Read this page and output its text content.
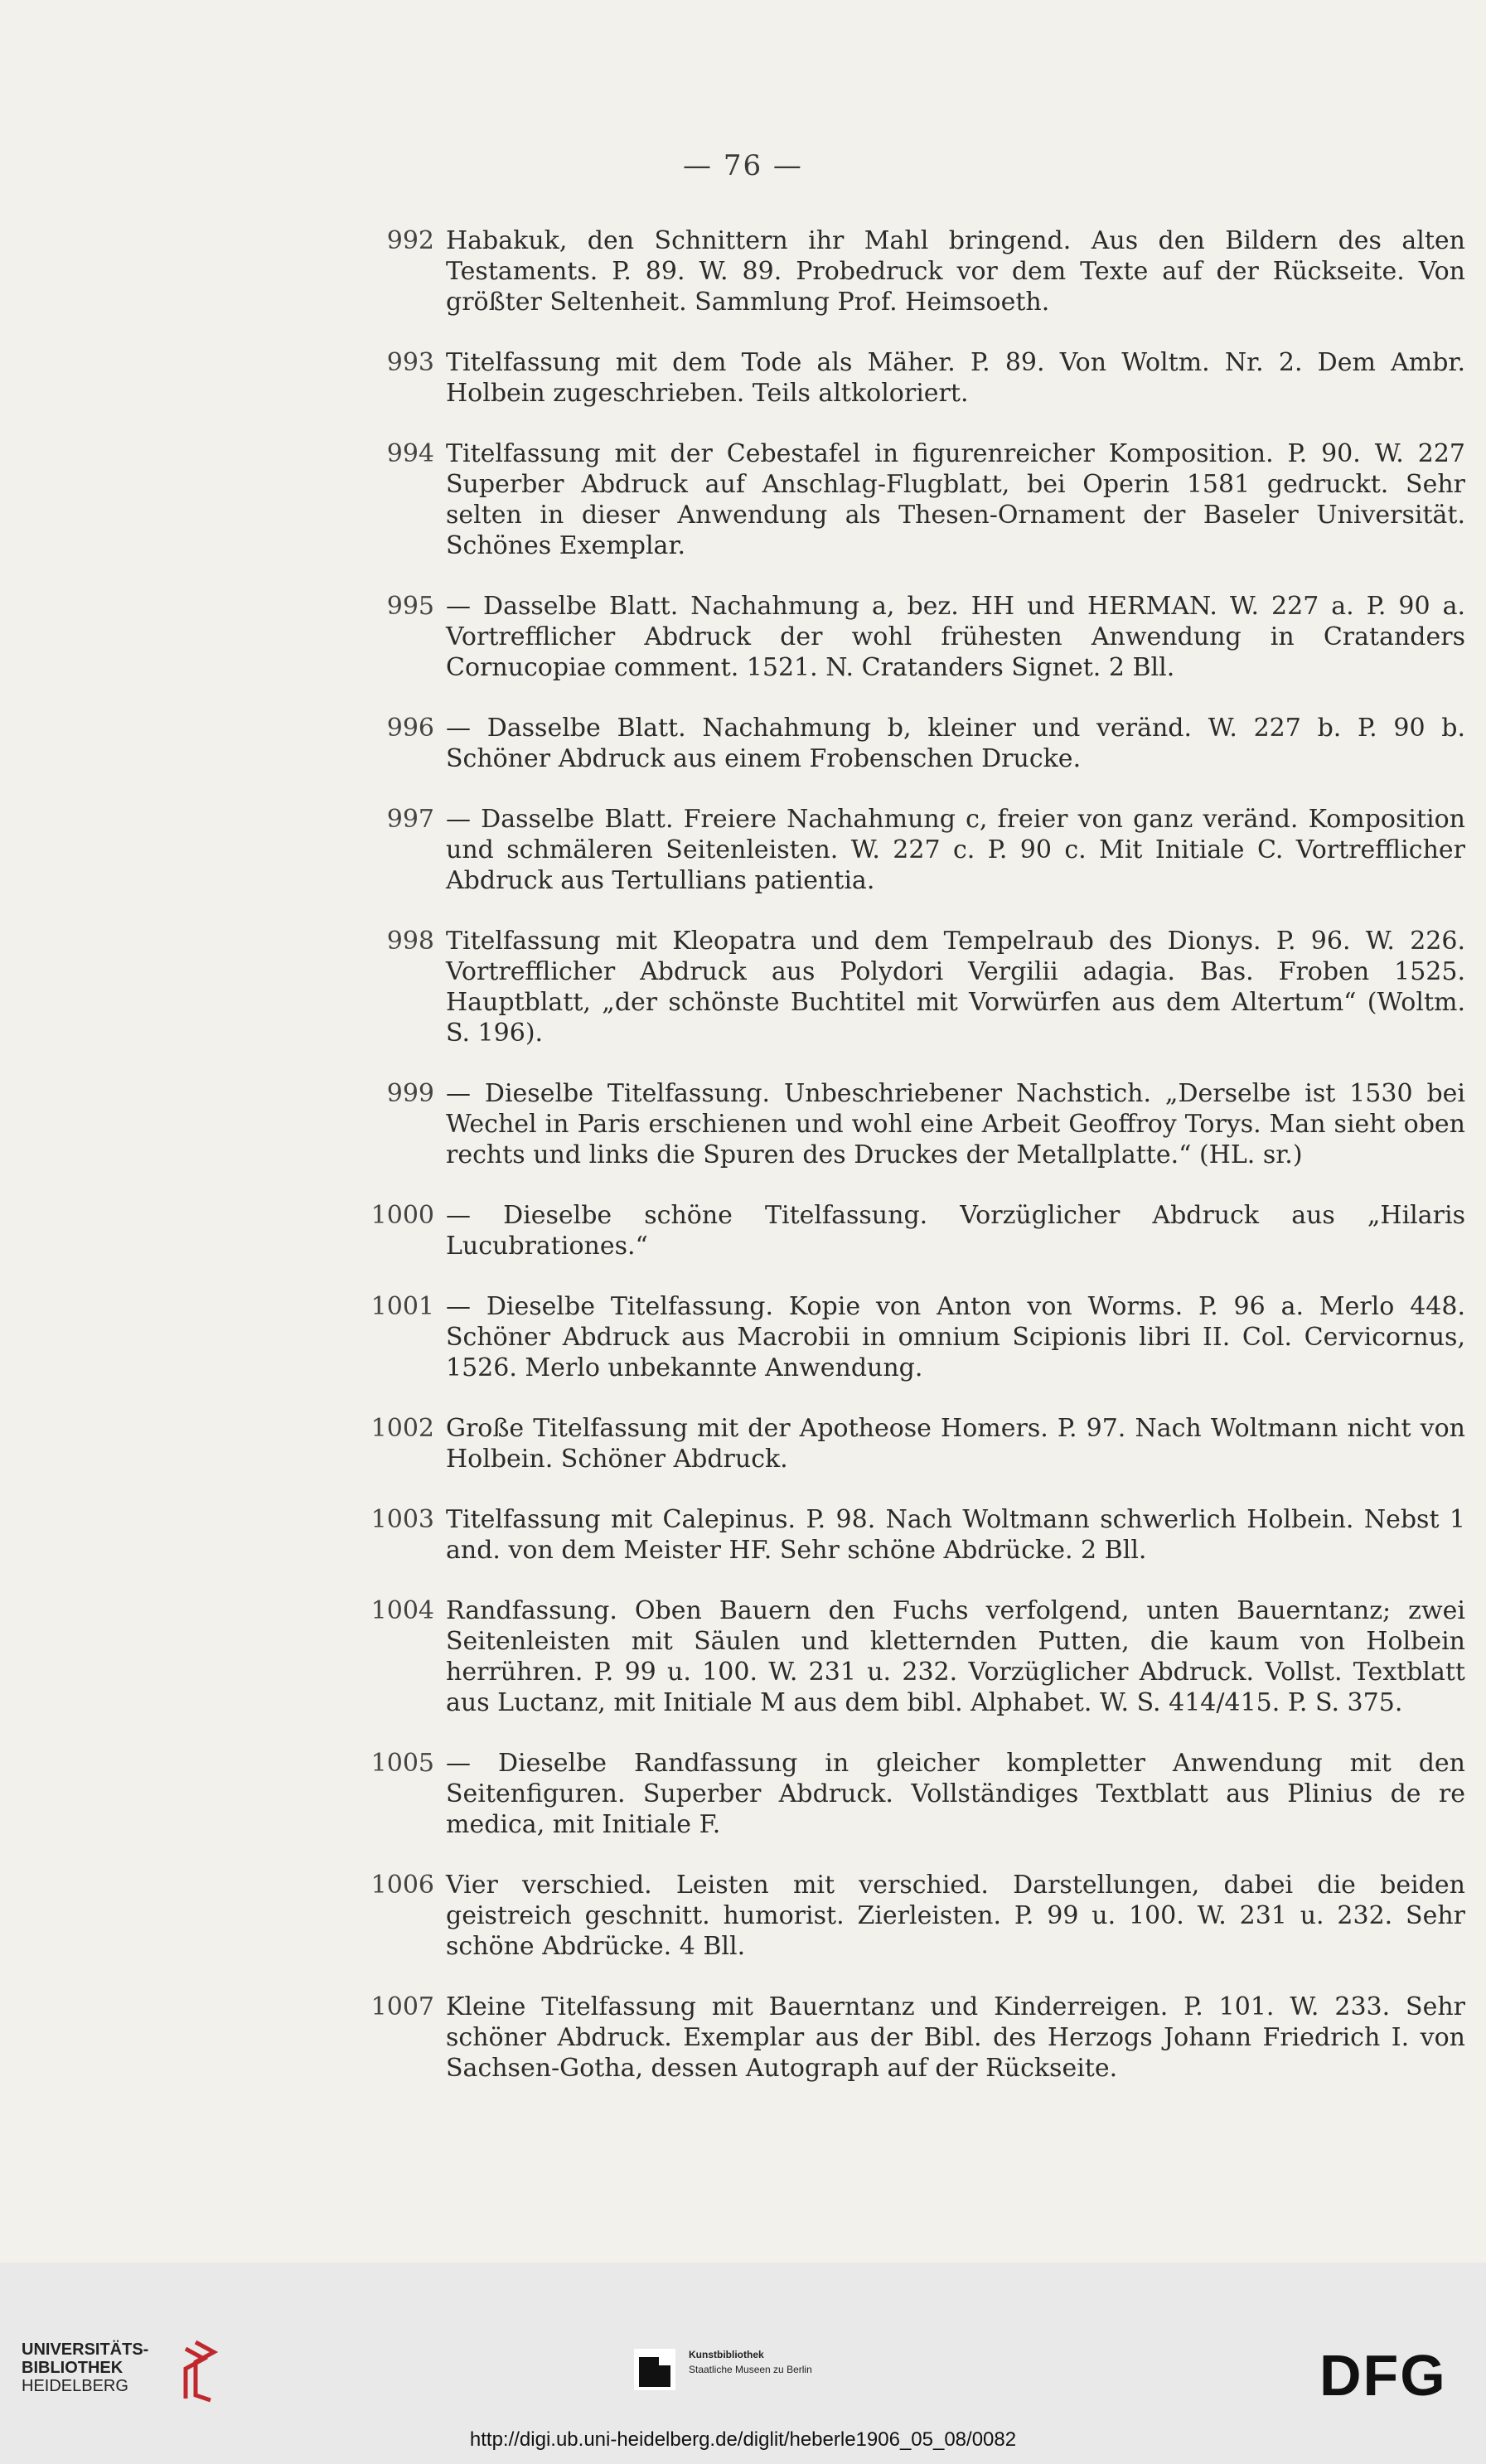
— 76 —
992 Habakuk, den Schnittern ihr Mahl bringend. Aus den Bildern des alten Testaments. P. 89. W. 89. Probedruck vor dem Texte auf der Rückseite. Von größter Seltenheit. Sammlung Prof. Heimsoeth.
993 Titelfassung mit dem Tode als Mäher. P. 89. Von Woltm. Nr. 2. Dem Ambr. Holbein zugeschrieben. Teils altkoloriert.
994 Titelfassung mit der Cebestafel in figurenreicher Komposition. P. 90. W. 227 Superber Abdruck auf Anschlag-Flugblatt, bei Operin 1581 gedruckt. Sehr selten in dieser Anwendung als Thesen-Ornament der Baseler Universität. Schönes Exemplar.
995 — Dasselbe Blatt. Nachahmung a, bez. HH und HERMAN. W. 227 a. P. 90 a. Vortrefflicher Abdruck der wohl frühesten Anwendung in Cratanders Cornucopiae comment. 1521. N. Cratanders Signet. 2 Bll.
996 — Dasselbe Blatt. Nachahmung b, kleiner und veränd. W. 227 b. P. 90 b. Schöner Abdruck aus einem Frobenschen Drucke.
997 — Dasselbe Blatt. Freiere Nachahmung c, freier von ganz veränd. Komposition und schmäleren Seitenleisten. W. 227 c. P. 90 c. Mit Initiale C. Vortrefflicher Abdruck aus Tertullians patientia.
998 Titelfassung mit Kleopatra und dem Tempelraub des Dionys. P. 96. W. 226. Vortrefflicher Abdruck aus Polydori Vergilii adagia. Bas. Froben 1525. Hauptblatt, „der schönste Buchtitel mit Vorwürfen aus dem Altertum“ (Woltm. S. 196).
999 — Dieselbe Titelfassung. Unbeschriebener Nachstich. „Derselbe ist 1530 bei Wechel in Paris erschienen und wohl eine Arbeit Geoffroy Torys. Man sieht oben rechts und links die Spuren des Druckes der Metallplatte.“ (HL. sr.)
1000 — Dieselbe schöne Titelfassung. Vorzüglicher Abdruck aus „Hilaris Lucubrationes.“
1001 — Dieselbe Titelfassung. Kopie von Anton von Worms. P. 96 a. Merlo 448. Schöner Abdruck aus Macrobii in omnium Scipionis libri II. Col. Cervicornus, 1526. Merlo unbekannte Anwendung.
1002 Große Titelfassung mit der Apotheose Homers. P. 97. Nach Woltmann nicht von Holbein. Schöner Abdruck.
1003 Titelfassung mit Calepinus. P. 98. Nach Woltmann schwerlich Holbein. Nebst 1 and. von dem Meister HF. Sehr schöne Abdrücke. 2 Bll.
1004 Randfassung. Oben Bauern den Fuchs verfolgend, unten Bauerntanz; zwei Seitenleisten mit Säulen und kletternden Putten, die kaum von Holbein herrühren. P. 99 u. 100. W. 231 u. 232. Vorzüglicher Abdruck. Vollst. Textblatt aus Luctanz, mit Initiale M aus dem bibl. Alphabet. W. S. 414/415. P. S. 375.
1005 — Dieselbe Randfassung in gleicher kompletter Anwendung mit den Seitenfiguren. Superber Abdruck. Vollständiges Textblatt aus Plinius de re medica, mit Initiale F.
1006 Vier verschied. Leisten mit verschied. Darstellungen, dabei die beiden geistreich geschnitt. humorist. Zierleisten. P. 99 u. 100. W. 231 u. 232. Sehr schöne Abdrücke. 4 Bll.
1007 Kleine Titelfassung mit Bauerntanz und Kinderreigen. P. 101. W. 233. Sehr schöner Abdruck. Exemplar aus der Bibl. des Herzogs Johann Friedrich I. von Sachsen-Gotha, dessen Autograph auf der Rückseite.
UNIVERSITÄTS-
BIBLIOTHEK
HEIDELBERG
Kunstbibliothek
Staatliche Museen zu Berlin	DFG
http://digi.ub.uni-heidelberg.de/diglit/heberle1906_05_08/0082
